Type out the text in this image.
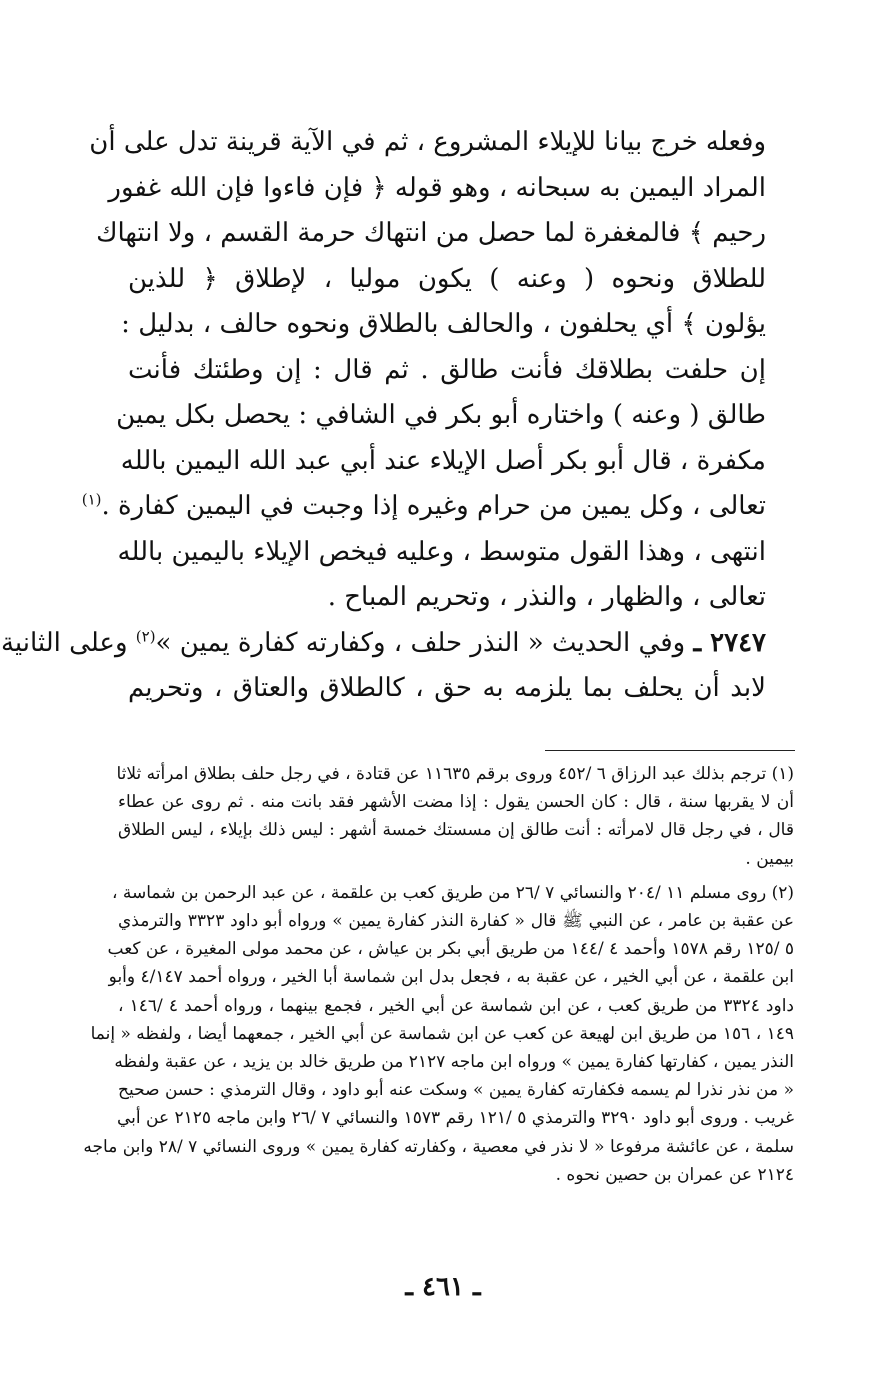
وفعله خرج بيانا للإيلاء المشروع ، ثم في الآية قرينة تدل على أن
المراد اليمين به سبحانه ، وهو قوله ﴿ فإن فاءوا فإن الله غفور
رحيم ﴾ فالمغفرة لما حصل من انتهاك حرمة القسم ، ولا انتهاك
للطلاق ونحوه ( وعنه ) يكون موليا ، لإطلاق ﴿ للذين
يؤلون ﴾ أي يحلفون ، والحالف بالطلاق ونحوه حالف ، بدليل :
إن حلفت بطلاقك فأنت طالق . ثم قال : إن وطئتك فأنت
طالق ( وعنه ) واختاره أبو بكر في الشافي : يحصل بكل يمين
مكفرة ، قال أبو بكر أصل الإيلاء عند أبي عبد الله اليمين بالله
تعالى ، وكل يمين من حرام وغيره إذا وجبت في اليمين كفارة .$^{(١)}$
انتهى ، وهذا القول متوسط ، وعليه فيخص الإيلاء باليمين بالله
تعالى ، والظهار ، والنذر ، وتحريم المباح .
٢٧٤٧ ـ وفي الحديث « النذر حلف ، وكفارته كفارة يمين »$^{(٢)}$ وعلى الثانية
لابد أن يحلف بما يلزمه به حق ، كالطلاق والعتاق ، وتحريم
(١) ترجم بذلك عبد الرزاق ٦ /٤٥٢ وروى برقم ١١٦٣٥ عن قتادة ، في رجل حلف بطلاق امرأته ثلاثا
أن لا يقربها سنة ، قال : كان الحسن يقول : إذا مضت الأشهر فقد بانت منه . ثم روى عن عطاء
قال ، في رجل قال لامرأته : أنت طالق إن مسستك خمسة أشهر : ليس ذلك بإيلاء ، ليس الطلاق
بيمين .
(٢) روى مسلم ١١ /٢٠٤ والنسائي ٧ /٢٦ من طريق كعب بن علقمة ، عن عبد الرحمن بن شماسة ،
عن عقبة بن عامر ، عن النبي ﷺ قال « كفارة النذر كفارة يمين » ورواه أبو داود ٣٣٢٣ والترمذي
٥ /١٢٥ رقم ١٥٧٨ وأحمد ٤ /١٤٤ من طريق أبي بكر بن عياش ، عن محمد مولى المغيرة ، عن كعب
ابن علقمة ، عن أبي الخير ، عن عقبة به ، فجعل بدل ابن شماسة أبا الخير ، ورواه أحمد ٤/١٤٧ وأبو
داود ٣٣٢٤ من طريق كعب ، عن ابن شماسة عن أبي الخير ، فجمع بينهما ، ورواه أحمد ٤ /١٤٦ ،
١٤٩ ، ١٥٦ من طريق ابن لهيعة عن كعب عن ابن شماسة عن أبي الخير ، جمعهما أيضا ، ولفظه « إنما
النذر يمين ، كفارتها كفارة يمين » ورواه ابن ماجه ٢١٢٧ من طريق خالد بن يزيد ، عن عقبة ولفظه
« من نذر نذرا لم يسمه فكفارته كفارة يمين » وسكت عنه أبو داود ، وقال الترمذي : حسن صحيح
غريب . وروى أبو داود ٣٢٩٠ والترمذي ٥ /١٢١ رقم ١٥٧٣ والنسائي ٧ /٢٦ وابن ماجه ٢١٢٥ عن أبي
سلمة ، عن عائشة مرفوعا « لا نذر في معصية ، وكفارته كفارة يمين » وروى النسائي ٧ /٢٨ وابن ماجه
٢١٢٤ عن عمران بن حصين نحوه .
ـ ٤٦١ ـ
